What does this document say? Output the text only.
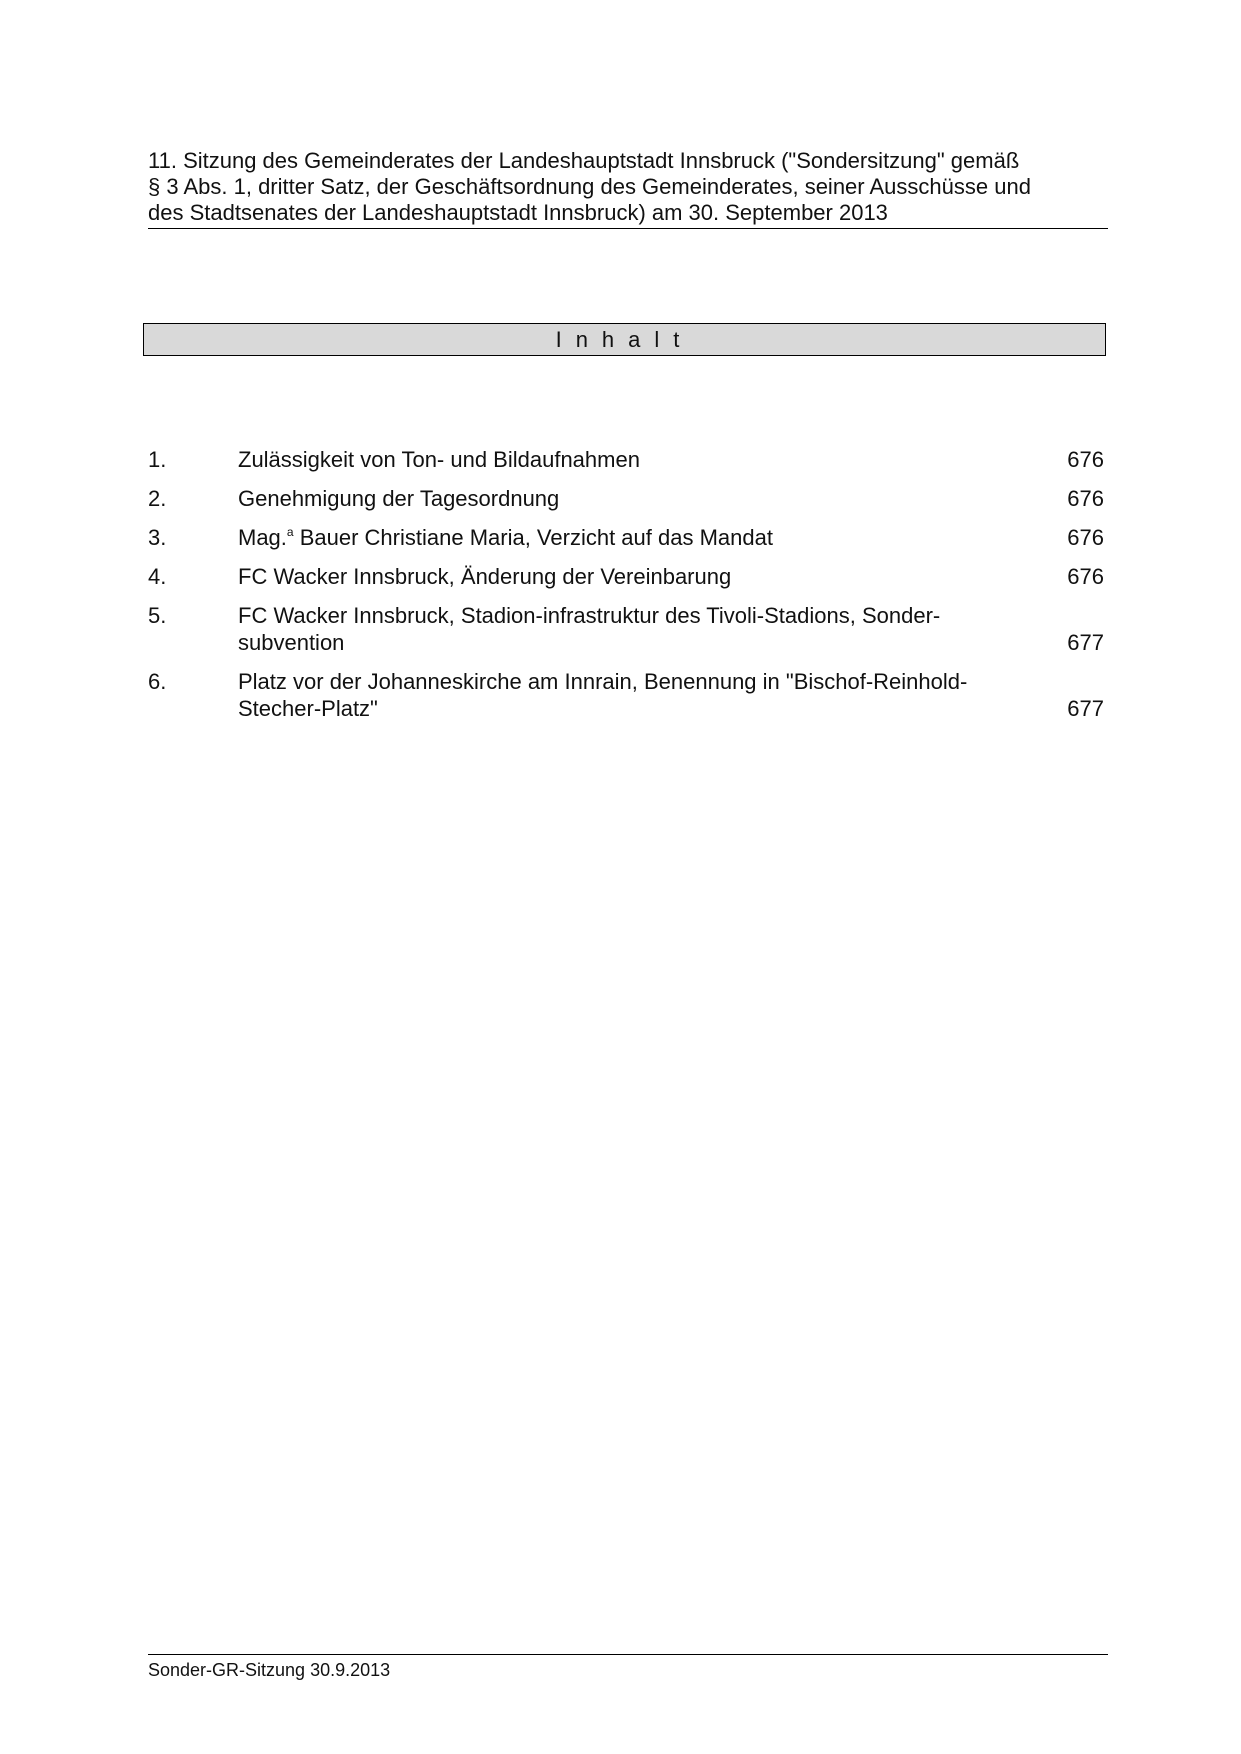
11. Sitzung des Gemeinderates der Landeshauptstadt Innsbruck ("Sondersitzung" gemäß
§ 3 Abs. 1, dritter Satz, der Geschäftsordnung des Gemeinderates, seiner Ausschüsse und
des Stadtsenates der Landeshauptstadt Innsbruck) am 30. September 2013
Inhalt
1.	Zulässigkeit von Ton- und Bildaufnahmen	676
2.	Genehmigung der Tagesordnung	676
3.	Mag.$^a$ Bauer Christiane Maria, Verzicht auf das Mandat	676
4.	FC Wacker Innsbruck, Änderung der Vereinbarung	676
5.	FC Wacker Innsbruck, Stadion-infrastruktur des Tivoli-Stadions, Sonder-
subvention	677
6.	Platz vor der Johanneskirche am Innrain, Benennung in "Bischof-Reinhold-
Stecher-Platz"	677
Sonder-GR-Sitzung 30.9.2013
